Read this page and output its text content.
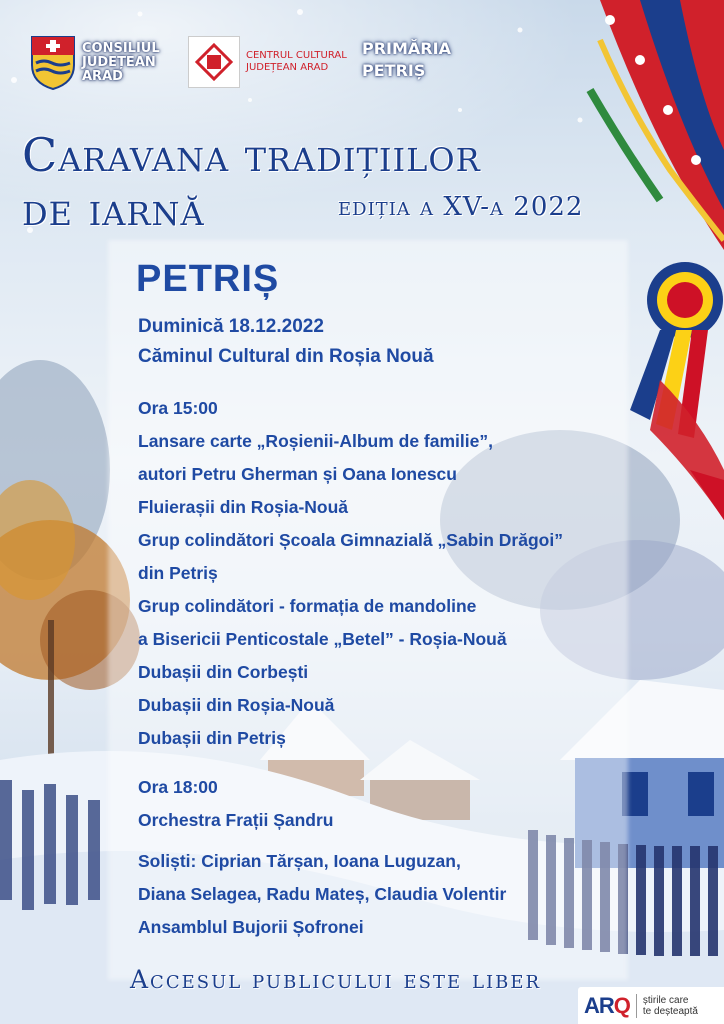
CONSILIUL
JUDEȚEAN
ARAD
CENTRUL CULTURAL
JUDEȚEAN ARAD
PRIMĂRIA
PETRIȘ
Caravana tradițiilor
de iarnă	ediția a XV-a 2022
PETRIȘ
Duminică 18.12.2022
Căminul Cultural din Roșia Nouă
Ora 15:00
Lansare carte „Roșienii-Album de familie”,
autori Petru Gherman și Oana Ionescu
Fluierașii din Roșia-Nouă
Grup colindători Școala Gimnazială „Sabin Drăgoi”
din Petriș
Grup colindători - formația de mandoline
a Bisericii Penticostale „Betel” - Roșia-Nouă
Dubașii din Corbești
Dubașii din Roșia-Nouă
Dubașii din Petriș
Ora 18:00
Orchestra Frații Șandru
Soliști: Ciprian Tărșan, Ioana Luguzan,
Diana Selagea, Radu Mateș, Claudia Volentir
Ansamblul Bujorii Șofronei
Accesul publicului este liber
ARQ știrile care
te deșteaptă
